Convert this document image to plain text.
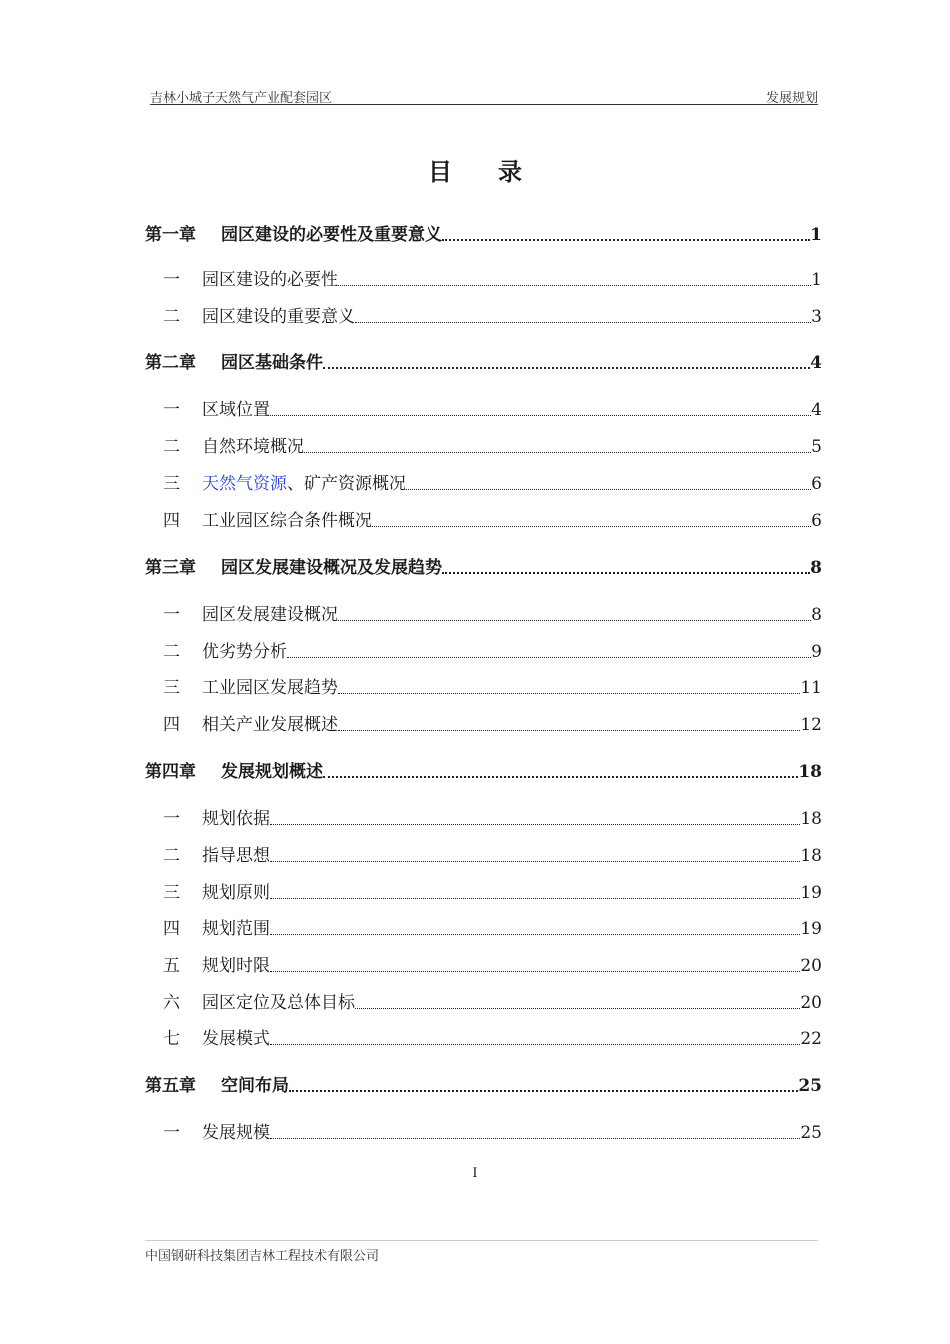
吉林小城子天然气产业配套园区	发展规划
目录
第一章	园区建设的必要性及重要意义	1
一	园区建设的必要性	1
二	园区建设的重要意义	3
第二章	园区基础条件	4
一	区域位置	4
二	自然环境概况	5
三	天然气资源、矿产资源概况	6
四	工业园区综合条件概况	6
第三章	园区发展建设概况及发展趋势	8
一	园区发展建设概况	8
二	优劣势分析	9
三	工业园区发展趋势	11
四	相关产业发展概述	12
第四章	发展规划概述	18
一	规划依据	18
二	指导思想	18
三	规划原则	19
四	规划范围	19
五	规划时限	20
六	园区定位及总体目标	20
七	发展模式	22
第五章	空间布局	25
一	发展规模	25
I
中国钢研科技集团吉林工程技术有限公司
